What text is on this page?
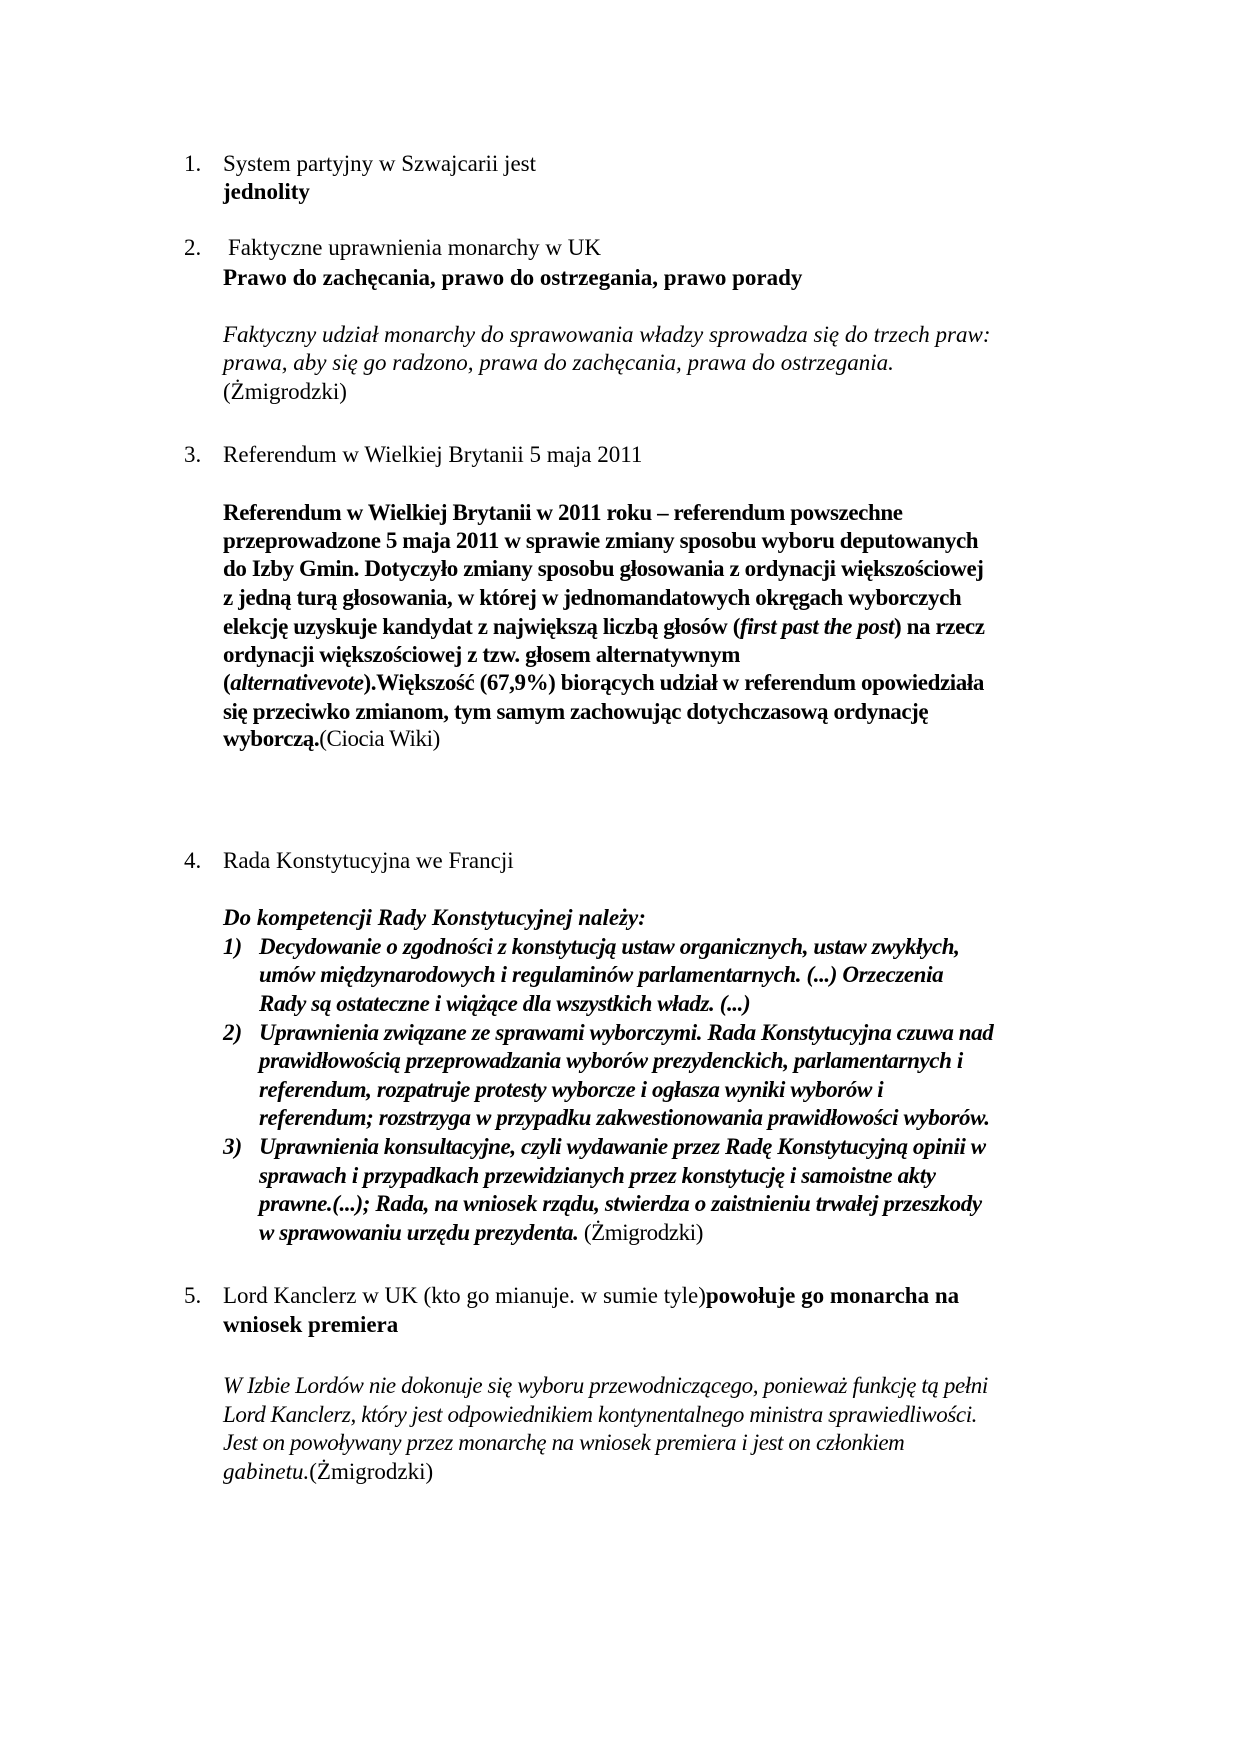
1. System partyjny w Szwajcarii jest
jednolity
2. Faktyczne uprawnienia monarchy w UK
Prawo do zachęcania, prawo do ostrzegania, prawo porady
Faktyczny udział monarchy do sprawowania władzy sprowadza się do trzech praw:
prawa, aby się go radzono, prawa do zachęcania, prawa do ostrzegania.
(Żmigrodzki)
3. Referendum w Wielkiej Brytanii 5 maja 2011
Referendum w Wielkiej Brytanii w 2011 roku – referendum powszechne
przeprowadzone 5 maja 2011 w sprawie zmiany sposobu wyboru deputowanych
do Izby Gmin. Dotyczyło zmiany sposobu głosowania z ordynacji większościowej
z jedną turą głosowania, w której w jednomandatowych okręgach wyborczych
elekcję uzyskuje kandydat z największą liczbą głosów (first past the post) na rzecz
ordynacji większościowej z tzw. głosem alternatywnym
(alternativevote).Większość (67,9%) biorących udział w referendum opowiedziała
się przeciwko zmianom, tym samym zachowując dotychczasową ordynację
wyborczą.(Ciocia Wiki)
4. Rada Konstytucyjna we Francji
Do kompetencji Rady Konstytucyjnej należy:
1) Decydowanie o zgodności z konstytucją ustaw organicznych, ustaw zwykłych,
umów międzynarodowych i regulaminów parlamentarnych. (...) Orzeczenia
Rady są ostateczne i wiążące dla wszystkich władz. (...)
2) Uprawnienia związane ze sprawami wyborczymi. Rada Konstytucyjna czuwa nad
prawidłowością przeprowadzania wyborów prezydenckich, parlamentarnych i
referendum, rozpatruje protesty wyborcze i ogłasza wyniki wyborów i
referendum; rozstrzyga w przypadku zakwestionowania prawidłowości wyborów.
3) Uprawnienia konsultacyjne, czyli wydawanie przez Radę Konstytucyjną opinii w
sprawach i przypadkach przewidzianych przez konstytucję i samoistne akty
prawne.(...); Rada, na wniosek rządu, stwierdza o zaistnieniu trwałej przeszkody
w sprawowaniu urzędu prezydenta. (Żmigrodzki)
5. Lord Kanclerz w UK (kto go mianuje. w sumie tyle)powołuje go monarcha na
wniosek premiera
W Izbie Lordów nie dokonuje się wyboru przewodniczącego, ponieważ funkcję tą pełni
Lord Kanclerz, który jest odpowiednikiem kontynentalnego ministra sprawiedliwości.
Jest on powoływany przez monarchę na wniosek premiera i jest on członkiem
gabinetu.(Żmigrodzki)
